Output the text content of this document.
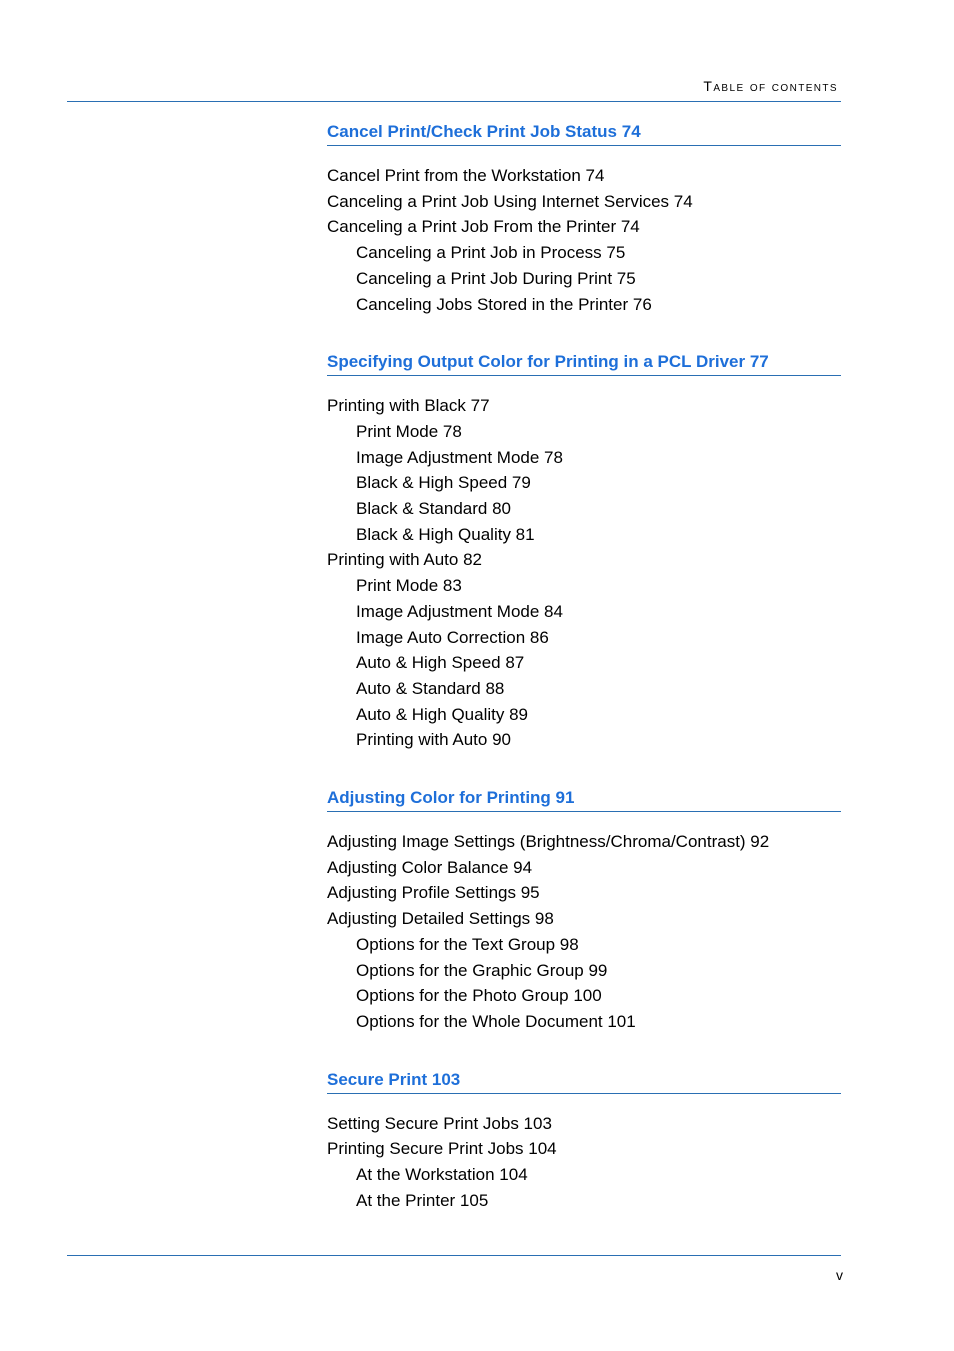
Table of contents
Cancel Print/Check Print Job Status 74
Cancel Print from the Workstation 74
Canceling a Print Job Using Internet Services 74
Canceling a Print Job From the Printer 74
Canceling a Print Job in Process 75
Canceling a Print Job During Print 75
Canceling Jobs Stored in the Printer 76
Specifying Output Color for Printing in a PCL Driver 77
Printing with Black 77
Print Mode 78
Image Adjustment Mode 78
Black & High Speed 79
Black & Standard 80
Black & High Quality 81
Printing with Auto 82
Print Mode 83
Image Adjustment Mode 84
Image Auto Correction 86
Auto & High Speed 87
Auto & Standard 88
Auto & High Quality 89
Printing with Auto 90
Adjusting Color for Printing 91
Adjusting Image Settings (Brightness/Chroma/Contrast) 92
Adjusting Color Balance 94
Adjusting Profile Settings 95
Adjusting Detailed Settings 98
Options for the Text Group 98
Options for the Graphic Group 99
Options for the Photo Group 100
Options for the Whole Document 101
Secure Print 103
Setting Secure Print Jobs 103
Printing Secure Print Jobs 104
At the Workstation 104
At the Printer 105
v
